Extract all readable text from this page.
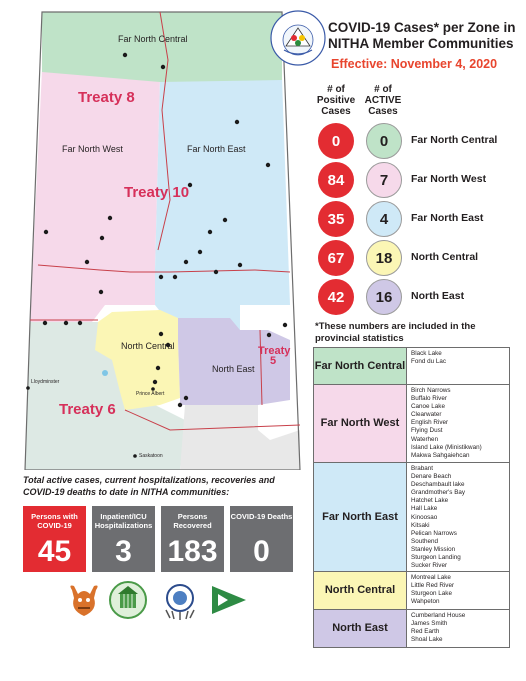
Far North Central
Far North West	Far North East
North Central
North East
Treaty 8
Treaty 10
Treaty 6
Treaty 5
Lloydminster
Prince Albert
Saskatoon
COVID-19 Cases* per Zone in NITHA Member Communities
Effective: November 4, 2020
# of Positive Cases
# of ACTIVE Cases
0	0	Far North Central
84	7	Far North West
35	4	Far North East
67	18	North Central
42	16	North East
*These numbers are included in the provincial statistics
Far North Central
Black Lake
Fond du Lac
Far North West
Birch Narrows
Buffalo River
Canoe Lake
Clearwater
English River
Flying Dust
Waterhen
Island Lake (Ministikwan)
Makwa Sahgaiehcan
Far North East
Brabant
Denare Beach
Deschambault lake
Grandmother's Bay
Hatchet Lake
Hall Lake
Kinoosao
Kitsaki
Pelican Narrows
Southend
Stanley Mission
Sturgeon Landing
Sucker River
North Central
Montreal Lake
Little Red River
Sturgeon Lake
Wahpeton
North East
Cumberland House
James Smith
Red Earth
Shoal Lake
Total active cases, current hospitalizations, recoveries and COVID-19 deaths to date in NITHA communities:
Persons with COVID-19
45
Inpatient/ICU Hospitalizations
3
Persons Recovered
183
COVID-19 Deaths
0
